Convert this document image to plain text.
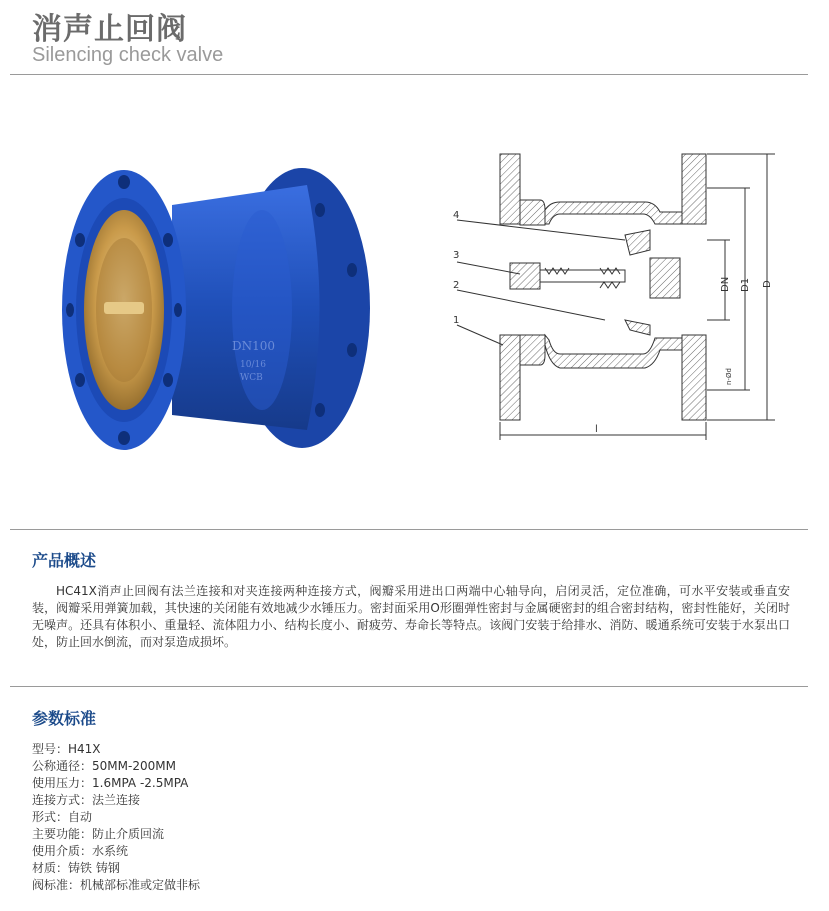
消声止回阀
Silencing check valve
DN100
10/16
WCB
4
3
2
1
l
DN D1 D
n-Ød
产品概述
HC41X消声止回阀有法兰连接和对夹连接两种连接方式，阀瓣采用进出口两端中心轴导向，启闭灵活，定位准确，可水平安装或垂直安装，阀瓣采用弹簧加载，其快速的关闭能有效地减少水锤压力。密封面采用O形圈弹性密封与金属硬密封的组合密封结构，密封性能好，关闭时无噪声。还具有体积小、重量轻、流体阻力小、结构长度小、耐疲劳、寿命长等特点。该阀门安装于给排水、消防、暖通系统可安装于水泵出口处，防止回水倒流，而对泵造成损坏。
参数标准
型号：H41X
公称通径：50MM-200MM
使用压力：1.6MPA -2.5MPA
连接方式：法兰连接
形式：自动
主要功能：防止介质回流
使用介质：水系统
材质：铸铁 铸钢
阀标准：机械部标准或定做非标
